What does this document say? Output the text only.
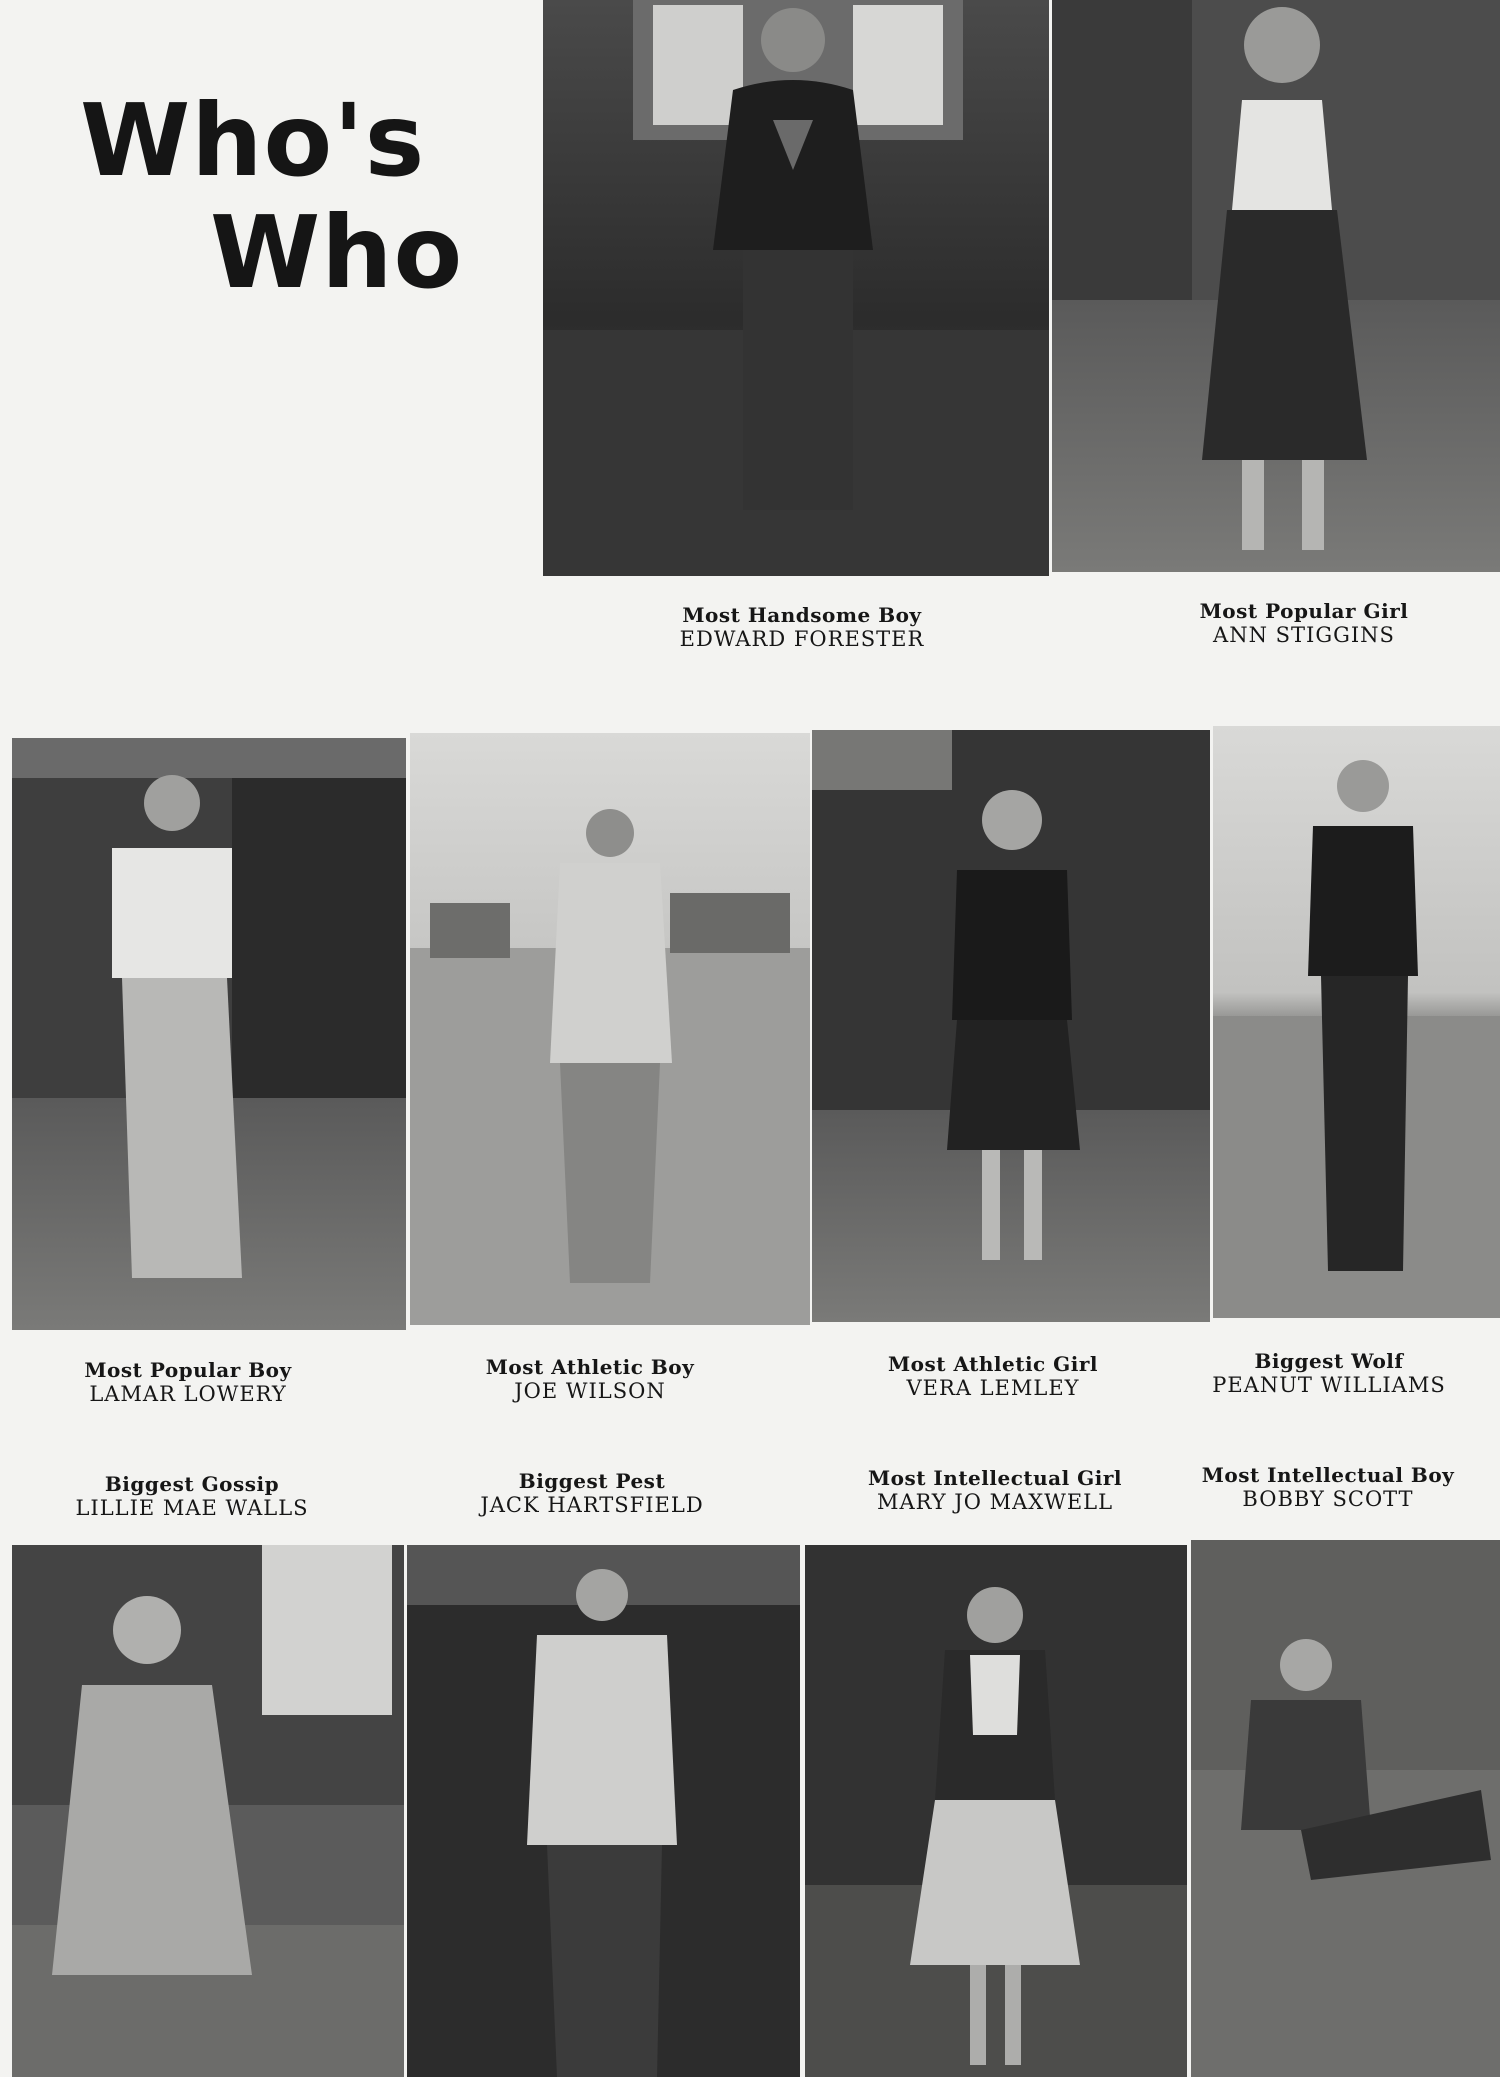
Who's
Who
Most Handsome Boy
EDWARD FORESTER
Most Popular Girl
ANN STIGGINS
Most Popular Boy
LAMAR LOWERY
Most Athletic Boy
JOE WILSON
Most Athletic Girl
VERA LEMLEY
Biggest Wolf
PEANUT WILLIAMS
Biggest Gossip
LILLIE MAE WALLS
Biggest Pest
JACK HARTSFIELD
Most Intellectual Girl
MARY JO MAXWELL
Most Intellectual Boy
BOBBY SCOTT
